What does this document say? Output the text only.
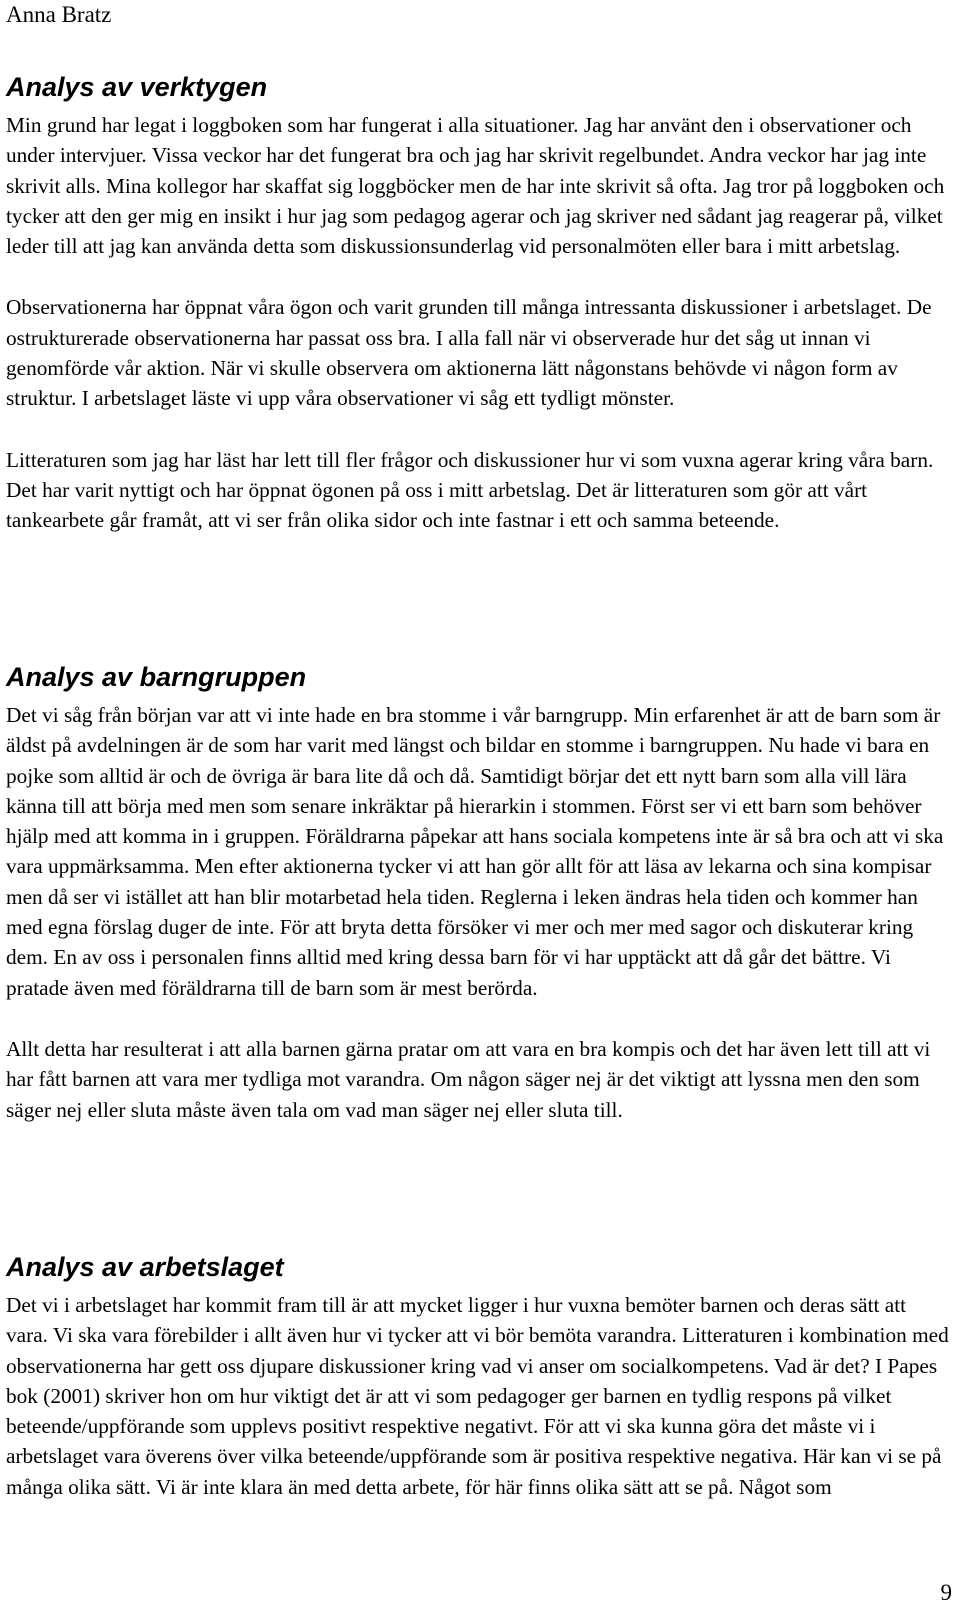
Anna Bratz
Analys av verktygen

Min grund har legat i loggboken som har fungerat i alla situationer. Jag har använt den i observationer och under intervjuer. Vissa veckor har det fungerat bra och jag har skrivit regelbundet. Andra veckor har jag inte skrivit alls. Mina kollegor har skaffat sig loggböcker men de har inte skrivit så ofta. Jag tror på loggboken och tycker att den ger mig en insikt i hur jag som pedagog agerar och jag skriver ned sådant jag reagerar på, vilket leder till att jag kan använda detta som diskussionsunderlag vid personalmöten eller bara i mitt arbetslag.

Observationerna har öppnat våra ögon och varit grunden till många intressanta diskussioner i arbetslaget. De ostrukturerade observationerna har passat oss bra. I alla fall när vi observerade hur det såg ut innan vi genomförde vår aktion. När vi skulle observera om aktionerna lätt någonstans behövde vi någon form av struktur. I arbetslaget läste vi upp våra observationer vi såg ett tydligt mönster.

Litteraturen som jag har läst har lett till fler frågor och diskussioner hur vi som vuxna agerar kring våra barn. Det har varit nyttigt och har öppnat ögonen på oss i mitt arbetslag. Det är litteraturen som gör att vårt tankearbete går framåt, att vi ser från olika sidor och inte fastnar i ett och samma beteende.

Analys av barngruppen

Det vi såg från början var att vi inte hade en bra stomme i vår barngrupp. Min erfarenhet är att de barn som är äldst på avdelningen är de som har varit med längst och bildar en stomme i barngruppen. Nu hade vi bara en pojke som alltid är och de övriga är bara lite då och då. Samtidigt börjar det ett nytt barn som alla vill lära känna till att börja med men som senare inkräktar på hierarkin i stommen. Först ser vi ett barn som behöver hjälp med att komma in i gruppen. Föräldrarna påpekar att hans sociala kompetens inte är så bra och att vi ska vara uppmärksamma. Men efter aktionerna tycker vi att han gör allt för att läsa av lekarna och sina kompisar men då ser vi istället att han blir motarbetad hela tiden. Reglerna i leken ändras hela tiden och kommer han med egna förslag duger de inte. För att bryta detta försöker vi mer och mer med sagor och diskuterar kring dem. En av oss i personalen finns alltid med kring dessa barn för vi har upptäckt att då går det bättre. Vi pratade även med föräldrarna till de barn som är mest berörda.

Allt detta har resulterat i att alla barnen gärna pratar om att vara en bra kompis och det har även lett till att vi har fått barnen att vara mer tydliga mot varandra. Om någon säger nej är det viktigt att lyssna men den som säger nej eller sluta måste även tala om vad man säger nej eller sluta till.

Analys av arbetslaget

Det vi i arbetslaget har kommit fram till är att mycket ligger i hur vuxna bemöter barnen och deras sätt att vara. Vi ska vara förebilder i allt även hur vi tycker att vi bör bemöta varandra. Litteraturen i kombination med observationerna har gett oss djupare diskussioner kring vad vi anser om socialkompetens. Vad är det? I Papes bok (2001) skriver hon om hur viktigt det är att vi som pedagoger ger barnen en tydlig respons på vilket beteende/uppförande som upplevs positivt respektive negativt. För att vi ska kunna göra det måste vi i arbetslaget vara överens över vilka beteende/uppförande som är positiva respektive negativa. Här kan vi se på många olika sätt. Vi är inte klara än med detta arbete, för här finns olika sätt att se på. Något som

9
